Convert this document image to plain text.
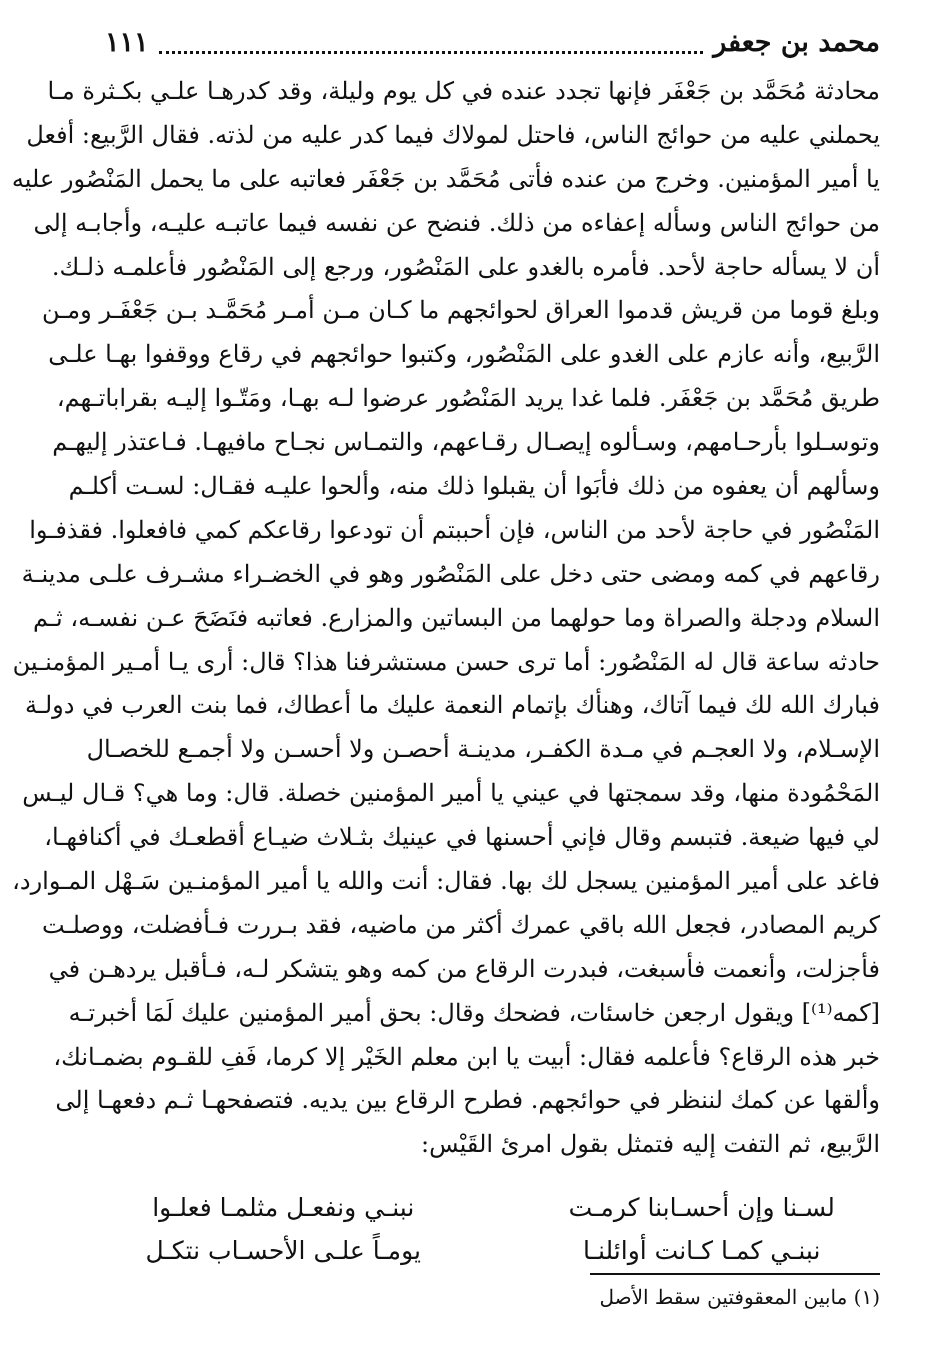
محمد بن جعفر
١١١
محادثة مُحَمَّد بن جَعْفَر فإنها تجدد عنده في كل يوم وليلة، وقد كدرهـا علـي بكـثرة مـا
يحملني عليه من حوائج الناس، فاحتل لمولاك فيما كدر عليه من لذته. فقال الرَّبيع: أفعل
يا أمير المؤمنين. وخرج من عنده فأتى مُحَمَّد بن جَعْفَر فعاتبه على ما يحمل المَنْصُور عليه
من حوائج الناس وسأله إعفاءه من ذلك. فنضح عن نفسه فيما عاتبـه عليـه، وأجابـه إلى
أن لا يسأله حاجة لأحد. فأمره بالغدو على المَنْصُور، ورجع إلى المَنْصُور فأعلمـه ذلـك.
وبلغ قوما من قريش قدموا العراق لحوائجهم ما كـان مـن أمـر مُحَمَّـد بـن جَعْفَـر ومـن
الرَّبيع، وأنه عازم على الغدو على المَنْصُور، وكتبوا حوائجهم في رقاع ووقفوا بهـا علـى
طريق مُحَمَّد بن جَعْفَر. فلما غدا يريد المَنْصُور عرضوا لـه بهـا، ومَتّـوا إليـه بقراباتـهم،
وتوسـلوا بأرحـامهم، وسـألوه إيصـال رقـاعهم، والتمـاس نجـاح مافيهـا. فـاعتذر إليهـم
وسألهم أن يعفوه من ذلك فأبَوا أن يقبلوا ذلك منه، وألحوا عليـه فقـال: لسـت أكلـم
المَنْصُور في حاجة لأحد من الناس، فإن أحببتم أن تودعوا رقاعكم كمي فافعلوا. فقذفـوا
رقاعهم في كمه ومضى حتى دخل على المَنْصُور وهو في الخضـراء مشـرف علـى مدينـة
السلام ودجلة والصراة وما حولهما من البساتين والمزارع. فعاتبه فنَضَحَ عـن نفسـه، ثـم
حادثه ساعة قال له المَنْصُور: أما ترى حسن مستشرفنا هذا؟ قال: أرى يـا أمـير المؤمنـين
فبارك الله لك فيما آتاك، وهنأك بإتمام النعمة عليك ما أعطاك، فما بنت العرب في دولـة
الإسـلام، ولا العجـم في مـدة الكفـر، مدينـة أحصـن ولا أحسـن ولا أجمـع للخصـال
المَحْمُودة منها، وقد سمجتها في عيني يا أمير المؤمنين خصلة. قال: وما هي؟ قـال ليـس
لي فيها ضيعة. فتبسم وقال فإني أحسنها في عينيك بثـلاث ضيـاع أقطعـك في أكنافهـا،
فاغد على أمير المؤمنين يسجل لك بها. فقال: أنت والله يا أمير المؤمنـين سَـهْل المـوارد،
كريم المصادر، فجعل الله باقي عمرك أكثر من ماضيه، فقد بـررت فـأفضلت، ووصلـت
فأجزلت، وأنعمت فأسبغت، فبدرت الرقاع من كمه وهو يتشكر لـه، فـأقبل يردهـن في
[كمه⁽¹⁾] ويقول ارجعن خاسئات، فضحك وقال: بحق أمير المؤمنين عليك لَمَا أخبرتـه
خبر هذه الرقاع؟ فأعلمه فقال: أبيت يا ابن معلم الخَيْر إلا كرما، فَفِ للقـوم بضمـانك،
وألقها عن كمك لننظر في حوائجهم. فطرح الرقاع بين يديه. فتصفحهـا ثـم دفعهـا إلى
الرَّبيع، ثم التفت إليه فتمثل بقول امرئ القَيْس:
لسـنا وإن أحسـابنا كرمـت
نبنـي ونفعـل مثلمـا فعلـوا
نبنـي كمـا كـانت أوائلنـا
يومـاً علـى الأحسـاب نتكـل
(١) مابين المعقوفتين سقط الأصل
